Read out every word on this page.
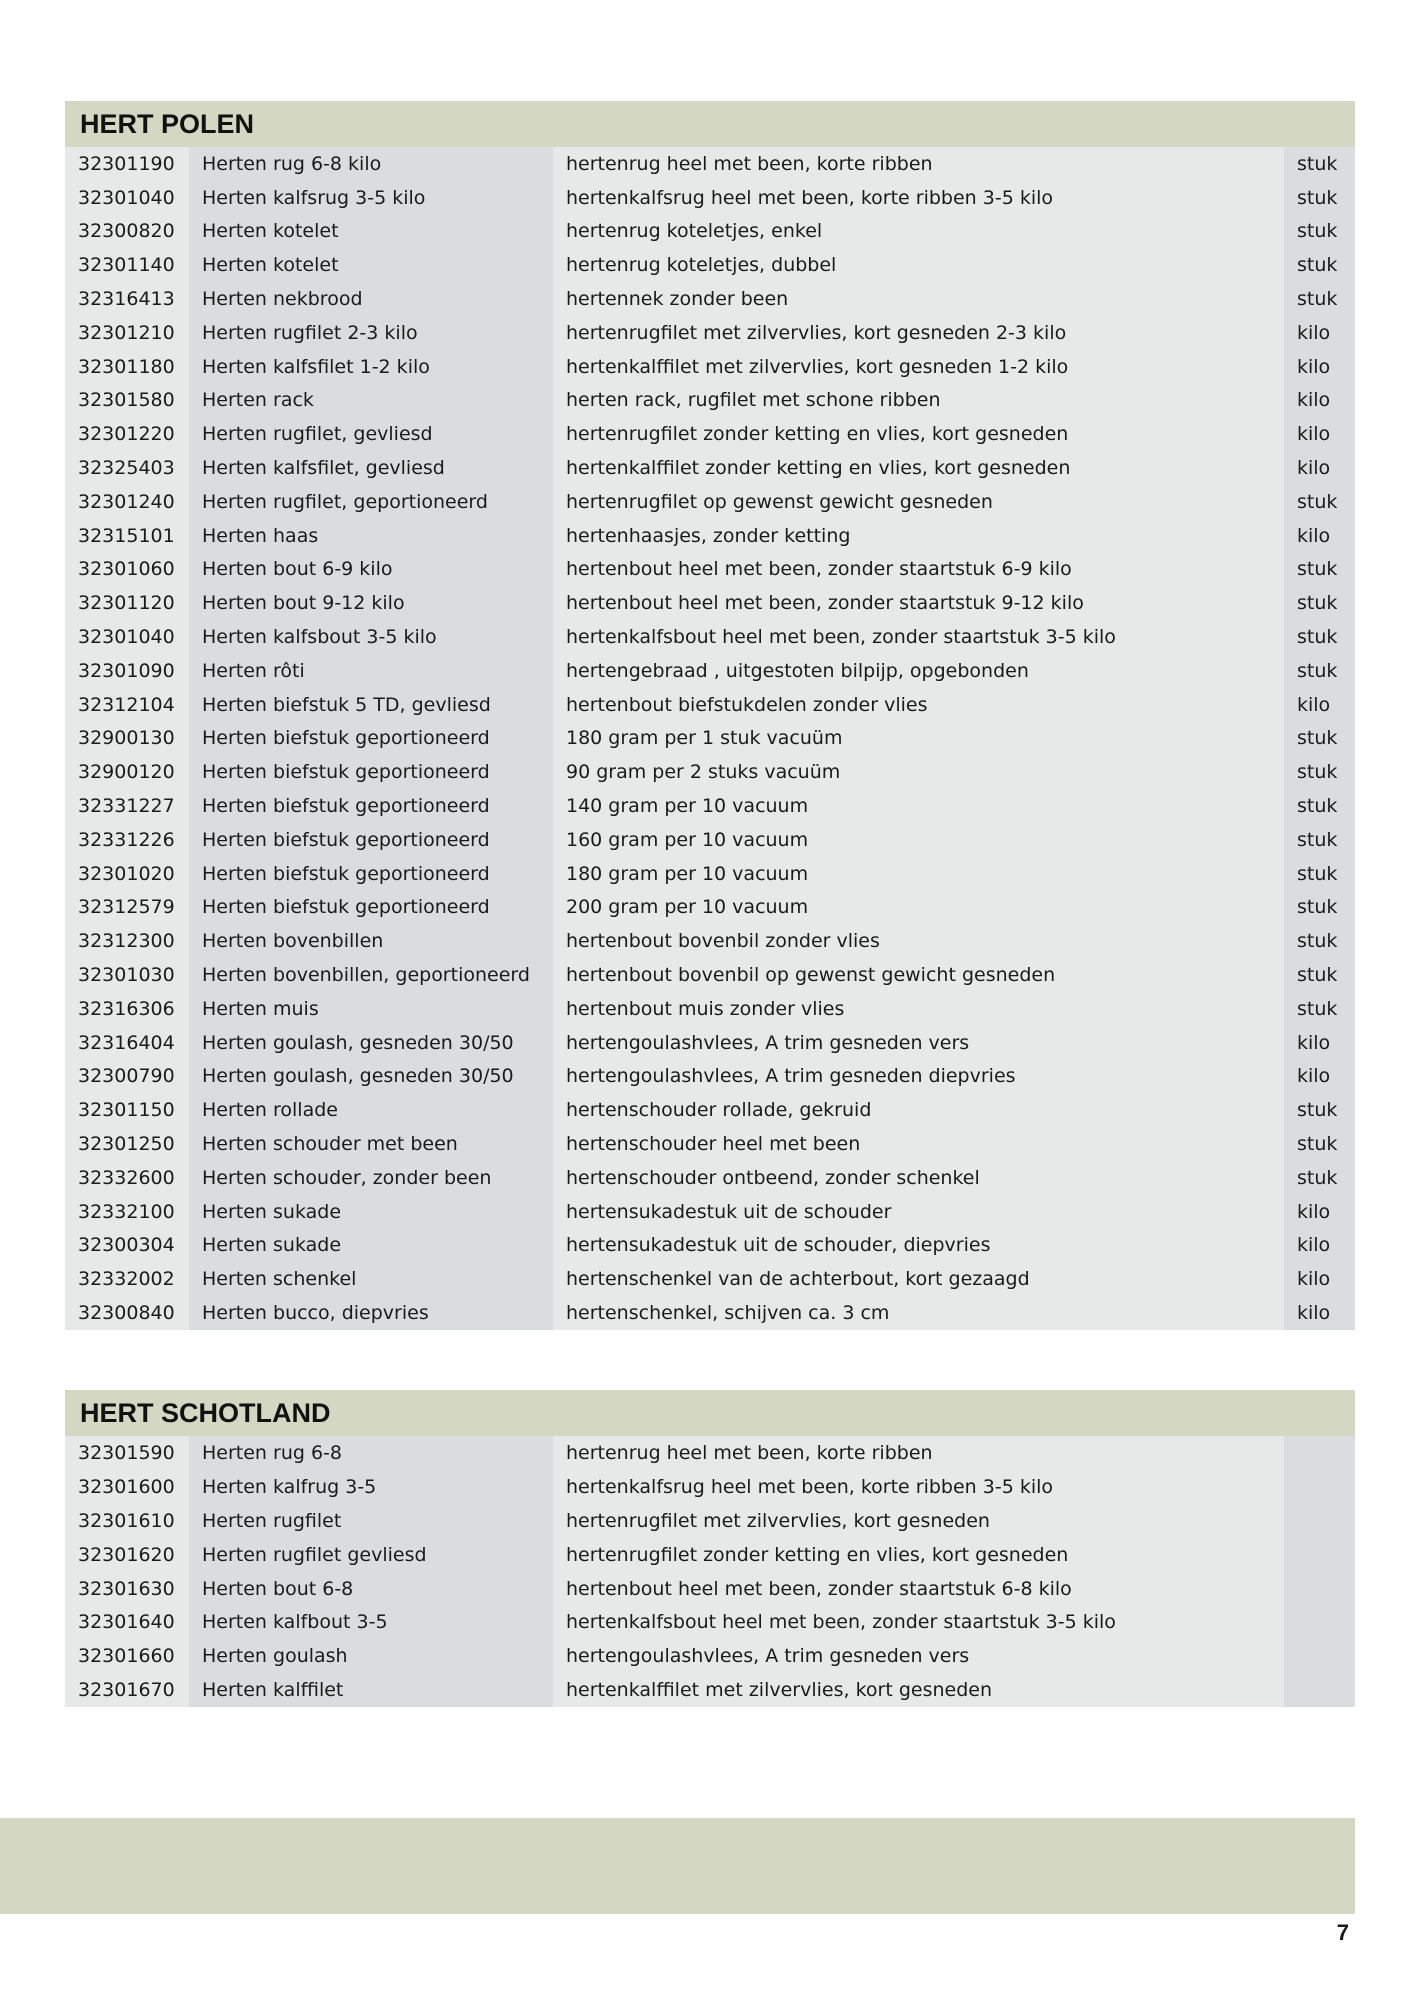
HERT POLEN
32301190	Herten rug 6-8 kilo	hertenrug heel met been, korte ribben	stuk
32301040	Herten kalfsrug 3-5 kilo	hertenkalfsrug heel met been, korte ribben 3-5 kilo	stuk
32300820	Herten kotelet	hertenrug koteletjes, enkel	stuk
32301140	Herten kotelet	hertenrug koteletjes, dubbel	stuk
32316413	Herten nekbrood	hertennek zonder been	stuk
32301210	Herten rugfilet 2-3 kilo	hertenrugfilet met zilvervlies, kort gesneden 2-3 kilo	kilo
32301180	Herten kalfsfilet 1-2 kilo	hertenkalffilet met zilvervlies, kort gesneden 1-2 kilo	kilo
32301580	Herten rack	herten rack, rugfilet met schone ribben	kilo
32301220	Herten rugfilet, gevliesd	hertenrugfilet zonder ketting en vlies, kort gesneden	kilo
32325403	Herten kalfsfilet, gevliesd	hertenkalffilet zonder ketting en vlies, kort gesneden	kilo
32301240	Herten rugfilet, geportioneerd	hertenrugfilet op gewenst gewicht gesneden	stuk
32315101	Herten haas	hertenhaasjes, zonder ketting	kilo
32301060	Herten bout 6-9 kilo	hertenbout heel met been, zonder staartstuk 6-9 kilo	stuk
32301120	Herten bout 9-12 kilo	hertenbout heel met been, zonder staartstuk 9-12 kilo	stuk
32301040	Herten kalfsbout 3-5 kilo	hertenkalfsbout heel met been, zonder staartstuk 3-5 kilo	stuk
32301090	Herten rôti	hertengebraad , uitgestoten bilpijp, opgebonden	stuk
32312104	Herten biefstuk 5 TD, gevliesd	hertenbout biefstukdelen zonder vlies	kilo
32900130	Herten biefstuk geportioneerd	180 gram per 1 stuk vacuüm	stuk
32900120	Herten biefstuk geportioneerd	90 gram per 2 stuks vacuüm	stuk
32331227	Herten biefstuk geportioneerd	140 gram per 10 vacuum	stuk
32331226	Herten biefstuk geportioneerd	160 gram per 10 vacuum	stuk
32301020	Herten biefstuk geportioneerd	180 gram per 10 vacuum	stuk
32312579	Herten biefstuk geportioneerd	200 gram per 10 vacuum	stuk
32312300	Herten bovenbillen	hertenbout bovenbil zonder vlies	stuk
32301030	Herten bovenbillen, geportioneerd	hertenbout bovenbil op gewenst gewicht gesneden	stuk
32316306	Herten muis	hertenbout muis zonder vlies	stuk
32316404	Herten goulash, gesneden 30/50	hertengoulashvlees, A trim gesneden vers	kilo
32300790	Herten goulash, gesneden 30/50	hertengoulashvlees, A trim gesneden diepvries	kilo
32301150	Herten rollade	hertenschouder rollade, gekruid	stuk
32301250	Herten schouder met been	hertenschouder heel met been	stuk
32332600	Herten schouder, zonder been	hertenschouder ontbeend, zonder schenkel	stuk
32332100	Herten sukade	hertensukadestuk uit de schouder	kilo
32300304	Herten sukade	hertensukadestuk uit de schouder, diepvries	kilo
32332002	Herten schenkel	hertenschenkel van de achterbout, kort gezaagd	kilo
32300840	Herten bucco, diepvries	hertenschenkel, schijven ca. 3 cm	kilo
HERT SCHOTLAND
32301590	Herten rug 6-8	hertenrug heel met been, korte ribben
32301600	Herten kalfrug 3-5	hertenkalfsrug heel met been, korte ribben 3-5 kilo
32301610	Herten rugfilet	hertenrugfilet met zilvervlies, kort gesneden
32301620	Herten rugfilet gevliesd	hertenrugfilet zonder ketting en vlies, kort gesneden
32301630	Herten bout 6-8	hertenbout heel met been, zonder staartstuk 6-8 kilo
32301640	Herten kalfbout 3-5	hertenkalfsbout heel met been, zonder staartstuk 3-5 kilo
32301660	Herten goulash	hertengoulashvlees, A trim gesneden vers
32301670	Herten kalffilet	hertenkalffilet met zilvervlies, kort gesneden
7
